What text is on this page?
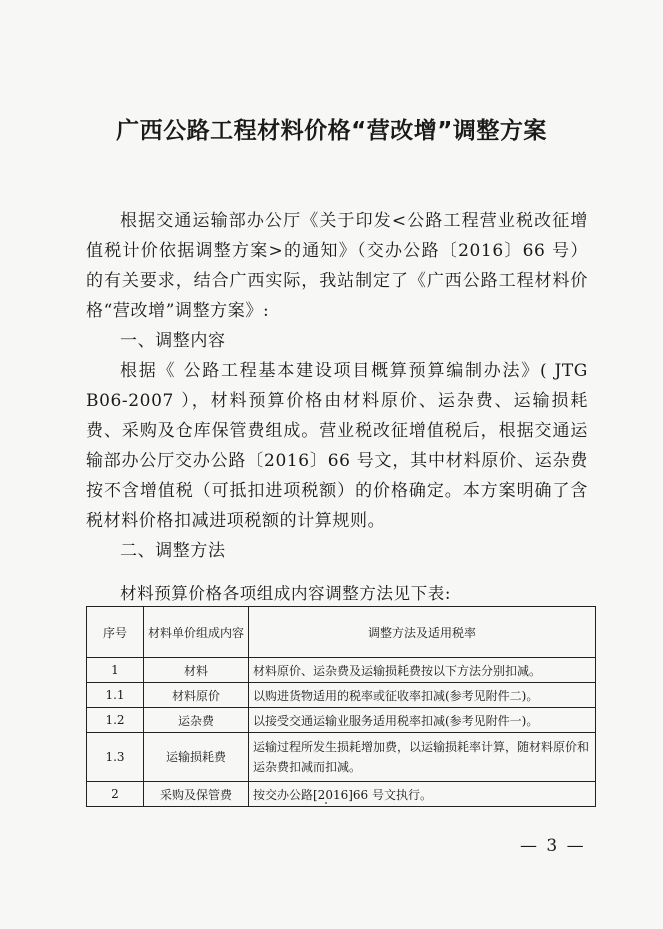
广西公路工程材料价格“营改增”调整方案

根据交通运输部办公厅《关于印发<公路工程营业税改征增值税计价依据调整方案>的通知》（交办公路〔2016〕66 号）的有关要求，结合广西实际，我站制定了《广西公路工程材料价格“营改增”调整方案》:

一、调整内容

根据《 公路工程基本建设项目概算预算编制办法》( JTG B06-2007 ），材料预算价格由材料原价、运杂费、运输损耗费、采购及仓库保管费组成。营业税改征增值税后，根据交通运输部办公厅交办公路〔2016〕66 号文，其中材料原价、运杂费按不含增值税（可抵扣进项税额）的价格确定。本方案明确了含税材料价格扣减进项税额的计算规则。

二、调整方法

材料预算价格各项组成内容调整方法见下表:
序号	材料单价组成内容	调整方法及适用税率
1	材料	材料原价、运杂费及运输损耗费按以下方法分别扣减。
1.1	材料原价	以购进货物适用的税率或征收率扣减(参考见附件二)。
1.2	运杂费	以接受交通运输业服务适用税率扣减(参考见附件一)。
1.3	运输损耗费	运输过程所发生损耗增加费，以运输损耗率计算，随材料原价和运杂费扣减而扣减。
2	采购及保管费	按交办公路[2016]66 号文执行。
— 3 —
